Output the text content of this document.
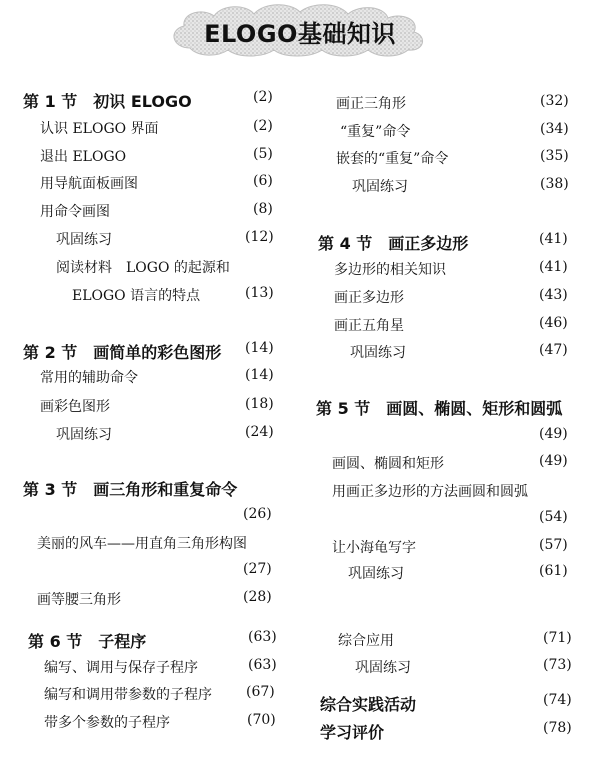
ELOGO基础知识
第 1 节　初识 ELOGO	(2)
认识 ELOGO 界面	(2)
退出 ELOGO	(5)
用导航面板画图	(6)
用命令画图	(8)
巩固练习	(12)
阅读材料　LOGO 的起源和
ELOGO 语言的特点	(13)
第 2 节　画简单的彩色图形 (14)
常用的辅助命令	(14)
画彩色图形	(18)
巩固练习	(24)
第 3 节　画三角形和重复命令
(26)
美丽的风车——用直角三角形构图
(27)
画等腰三角形	(28)
第 6 节　子程序	(63)
编写、调用与保存子程序	(63)
编写和调用带参数的子程序 (67)
带多个参数的子程序	(70)
画正三角形	(32)
“重复”命令	(34)
嵌套的“重复”命令	(35)
巩固练习	(38)
第 4 节　画正多边形	(41)
多边形的相关知识	(41)
画正多边形	(43)
画正五角星	(46)
巩固练习	(47)
第 5 节　画圆、椭圆、矩形和圆弧
(49)
画圆、椭圆和矩形	(49)
用画正多边形的方法画圆和圆弧
(54)
让小海龟写字	(57)
巩固练习	(61)
综合应用	(71)
巩固练习	(73)
综合实践活动	(74)
学习评价	(78)
